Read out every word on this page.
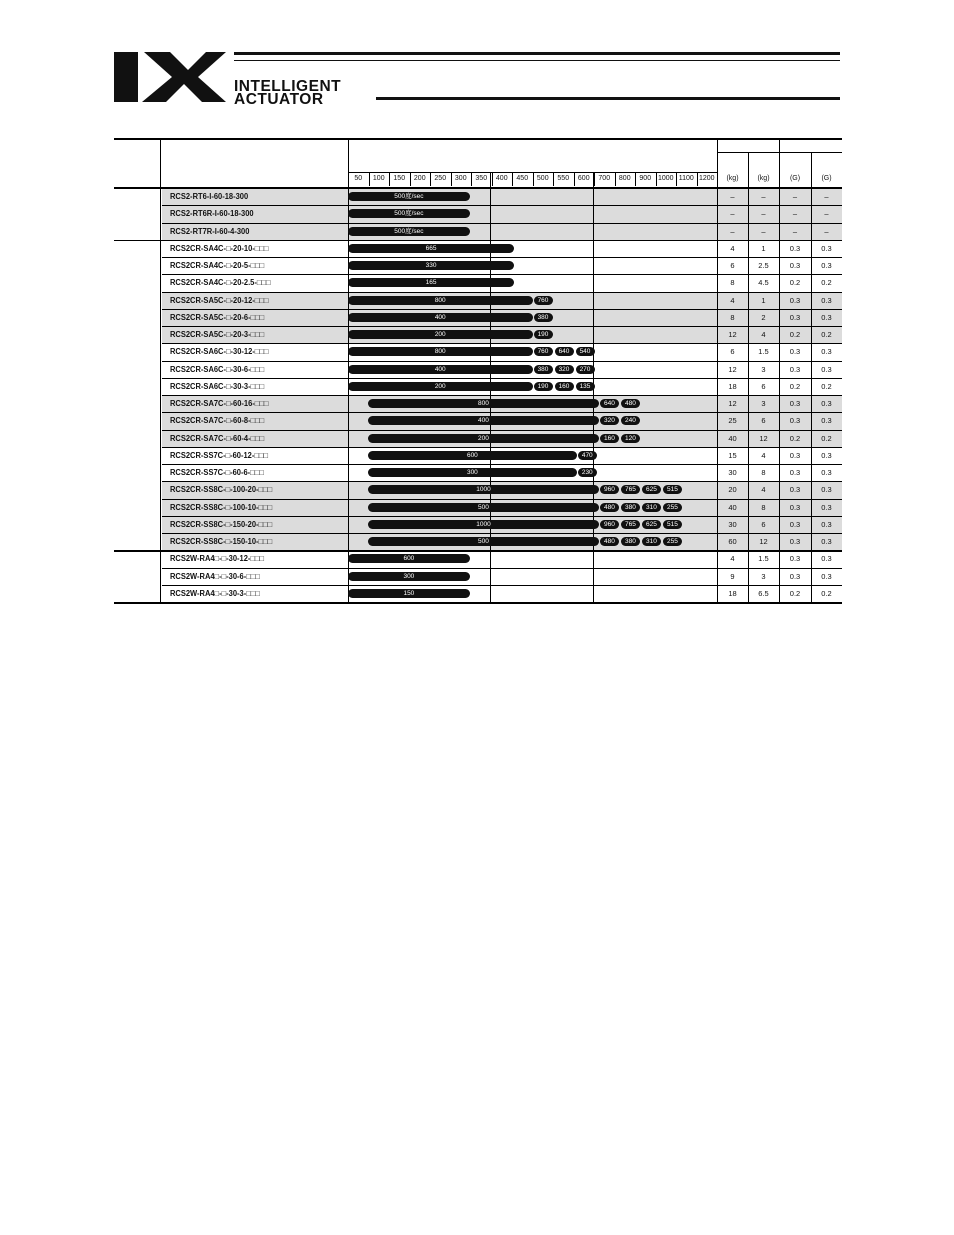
INTELLIGENT
ACTUATOR
50	100	150	200	250	300	350	400	450	500	550	600	700	800	900 1000 1100 1200	(kg)	(kg)	(G)	(G)
RCS2-RT6-I-60-18-300	500度/sec	–	–	–	–
RCS2-RT6R-I-60-18-300	500度/sec	–	–	–	–
RCS2-RT7R-I-60-4-300	500度/sec	–	–	–	–
RCS2CR-SA4C-□-20-10-□□□	665	4	1	0.3	0.3
RCS2CR-SA4C-□-20-5-□□□	330	6	2.5	0.3	0.3
RCS2CR-SA4C-□-20-2.5-□□□	165	8	4.5	0.2	0.2
RCS2CR-SA5C-□-20-12-□□□	800	760	4	1	0.3	0.3
RCS2CR-SA5C-□-20-6-□□□	400	380	8	2	0.3	0.3
RCS2CR-SA5C-□-20-3-□□□	200	190	12	4	0.2	0.2
RCS2CR-SA6C-□-30-12-□□□	800	760	640	540	6	1.5	0.3	0.3
RCS2CR-SA6C-□-30-6-□□□	400	380	320	270	12	3	0.3	0.3
RCS2CR-SA6C-□-30-3-□□□	200	190	160	135	18	6	0.2	0.2
RCS2CR-SA7C-□-60-16-□□□	800	640	480	12	3	0.3	0.3
RCS2CR-SA7C-□-60-8-□□□	400	320	240	25	6	0.3	0.3
RCS2CR-SA7C-□-60-4-□□□	200	160	120	40	12	0.2	0.2
RCS2CR-SS7C-□-60-12-□□□	600	470	15	4	0.3	0.3
RCS2CR-SS7C-□-60-6-□□□	300	230	30	8	0.3	0.3
RCS2CR-SS8C-□-100-20-□□□	1000	960	765	625	515	20	4	0.3	0.3
RCS2CR-SS8C-□-100-10-□□□	500	480	380	310	255	40	8	0.3	0.3
RCS2CR-SS8C-□-150-20-□□□	1000	960	765	625	515	30	6	0.3	0.3
RCS2CR-SS8C-□-150-10-□□□	500	480	380	310	255	60	12	0.3	0.3
RCS2W-RA4□-□-30-12-□□□	600	4	1.5	0.3	0.3
RCS2W-RA4□-□-30-6-□□□	300	9	3	0.3	0.3
RCS2W-RA4□-□-30-3-□□□	150	18	6.5	0.2	0.2
